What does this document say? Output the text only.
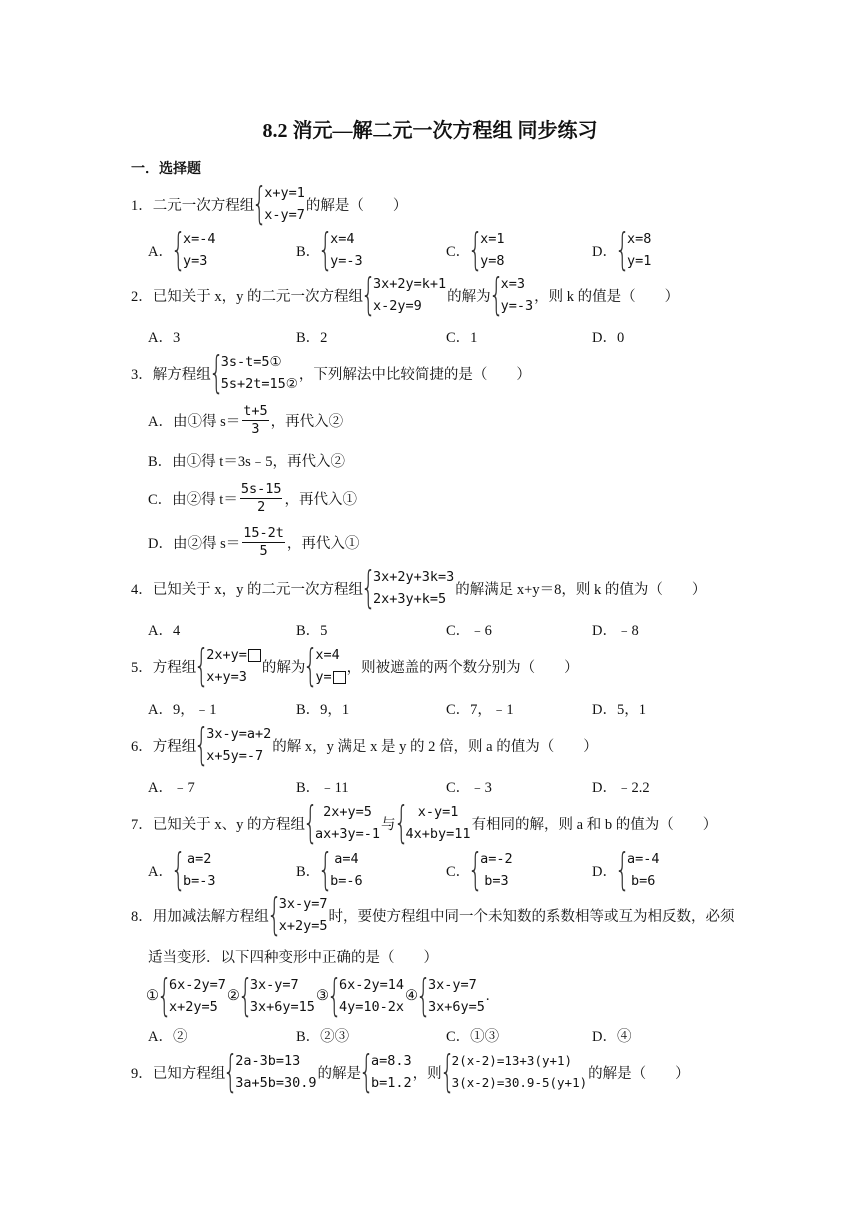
8.2 消元—解二元一次方程组 同步练习
一．选择题
1． 二元一次方程组
{
x+y=1
x-y=7
的解是（　　）
A．
{
x=-4
y=3
B．
{
x=4
y=-3
C．
{
x=1
y=8
D．
{
x=8
y=1
2． 已知关于 x，y 的二元一次方程组
{
3x+2y=k+1
x-2y=9
的解为
{
x=3
y=-3
，则 k 的值是（　　）
A．3	B．2	C．1	D．0
3． 解方程组
{
3s-t=5①
5s+2t=15②
，下列解法中比较简捷的是（　　）
A．由①得 $s= \frac{t+5}{3}$ ，再代入②
B．由①得 t＝3s﹣5，再代入②
C．由②得 $t= \frac{5s-15}{2}$ ，再代入①
D．由②得 $s= \frac{15-2t}{5}$ ，再代入①
4． 已知关于 x，y 的二元一次方程组
{
3x+2y+3k=3
2x+3y+k=5
的解满足 x+y＝8，则 k 的值为（　　）
A．4	B．5	C．﹣6	D．﹣8
5． 方程组
{
2x+y=
x+y=3
的解为
{
x=4
y=
，则被遮盖的两个数分别为（　　）
A．9，﹣1	B．9，1	C．7，﹣1	D．5，1
6． 方程组
{
3x-y=a+2
x+5y=-7
的解 x，y 满足 x 是 y 的 2 倍，则 a 的值为（　　）
A．﹣7	B．﹣11	C．﹣3	D．﹣2.2
7． 已知关于 x、y 的方程组
{ 2x+y=5
ax+3y=-1
与
{ x-y=1
4x+by=11
有相同的解，则 a 和 b 的值为（　　）
A．
{ a=2
b=-3
B．
{ a=4
b=-6
C．
{
a=-2
b=3
D．
{
a=-4
b=6
8． 用加减法解方程组
{
3x-y=7
x+2y=5
时，要使方程组中同一个未知数的系数相等或互为相反数，必须
适当变形．以下四种变形中正确的是（　　）
①
{
6x-2y=7
x+2y=5
②
{
3x-y=7
3x+6y=15
③
{
6x-2y=14
4y=10-2x
④
{
3x-y=7
3x+6y=5
.
A．②	B．②③	C．①③	D．④
9． 已知方程组
{
2a-3b=13
3a+5b=30.9
的解是
{
a=8.3
b=1.2
，则
{
2(x-2)=13+3(y+1)
3(x-2)=30.9-5(y+1)
的解是（　　）
